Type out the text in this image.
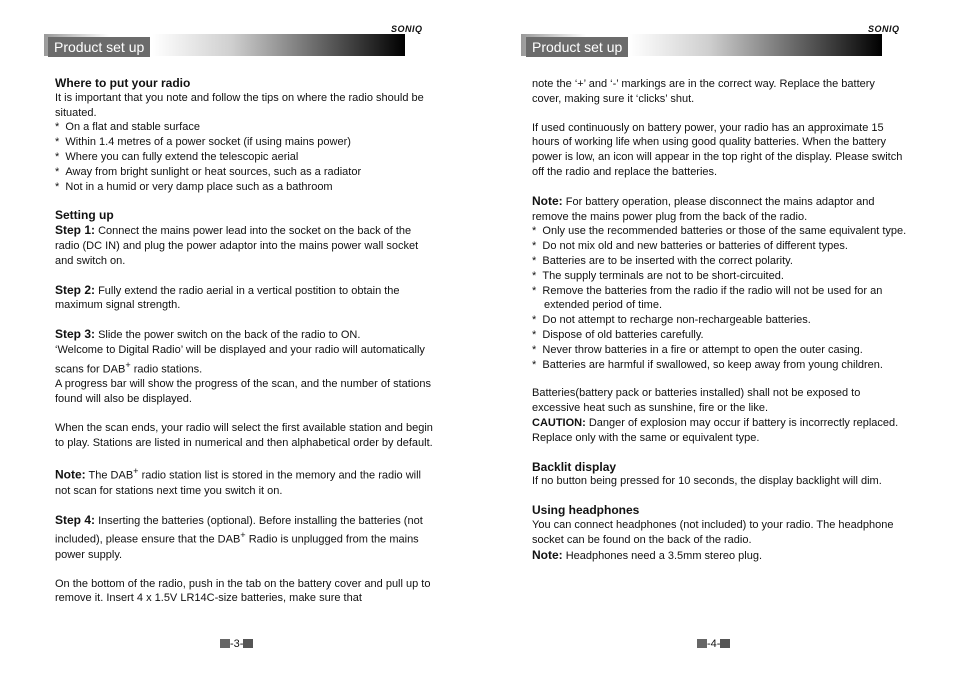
SONIQ
Product set up

Where to put your radio

It is important that you note and follow the tips on where the radio should be situated.

* On a flat and stable surface

* Within 1.4 metres of a power socket (if using mains power)

* Where you can fully extend the telescopic aerial

* Away from bright sunlight or heat sources, such as a radiator

* Not in a humid or very damp place such as a bathroom

Setting up

Step 1: Connect the mains power lead into the socket on the back of the radio (DC IN) and plug the power adaptor into the mains power wall socket and switch on.

Step 2: Fully extend the radio aerial in a vertical postition to obtain the maximum signal strength.

Step 3: Slide the power switch on the back of the radio to ON.

‘Welcome to Digital Radio’ will be displayed and your radio will automatically scans for DAB+ radio stations.

A progress bar will show the progress of the scan, and the number of stations found will also be displayed.

When the scan ends, your radio will select the first available station and begin to play. Stations are listed in numerical and then alphabetical order by default.

Note: The DAB+ radio station list is stored in the memory and the radio will not scan for stations next time you switch it on.

Step 4: Inserting the batteries (optional). Before installing the batteries (not included), please ensure that the DAB+ Radio is unplugged from the mains power supply.

On the bottom of the radio, push in the tab on the battery cover and pull up to remove it. Insert 4 x 1.5V LR14C-size batteries, make sure that

-3-
SONIQ
Product set up

note the ‘+’ and ‘-’ markings are in the correct way. Replace the battery cover, making sure it ‘clicks’ shut.

If used continuously on battery power, your radio has an approximate 15 hours of working life when using good quality batteries. When the battery power is low, an icon will appear in the top right of the display. Please switch off the radio and replace the batteries.

Note: For battery operation, please disconnect the mains adaptor and remove the mains power plug from the back of the radio.

* Only use the recommended batteries or those of the same equivalent type.

* Do not mix old and new batteries or batteries of different types.

* Batteries are to be inserted with the correct polarity.

* The supply terminals are not to be short-circuited.

* Remove the batteries from the radio if the radio will not be used for an extended period of time.

* Do not attempt to recharge non-rechargeable batteries.

* Dispose of old batteries carefully.

* Never throw batteries in a fire or attempt to open the outer casing.

* Batteries are harmful if swallowed, so keep away from young children.

Batteries(battery pack or batteries installed) shall not be exposed to excessive heat such as sunshine, fire or the like.

CAUTION: Danger of explosion may occur if battery is incorrectly replaced. Replace only with the same or equivalent type.

Backlit display

If no button being pressed for 10 seconds, the display backlight will dim.

Using headphones

You can connect headphones (not included) to your radio. The headphone socket can be found on the back of the radio.

Note: Headphones need a 3.5mm stereo plug.

-4-
